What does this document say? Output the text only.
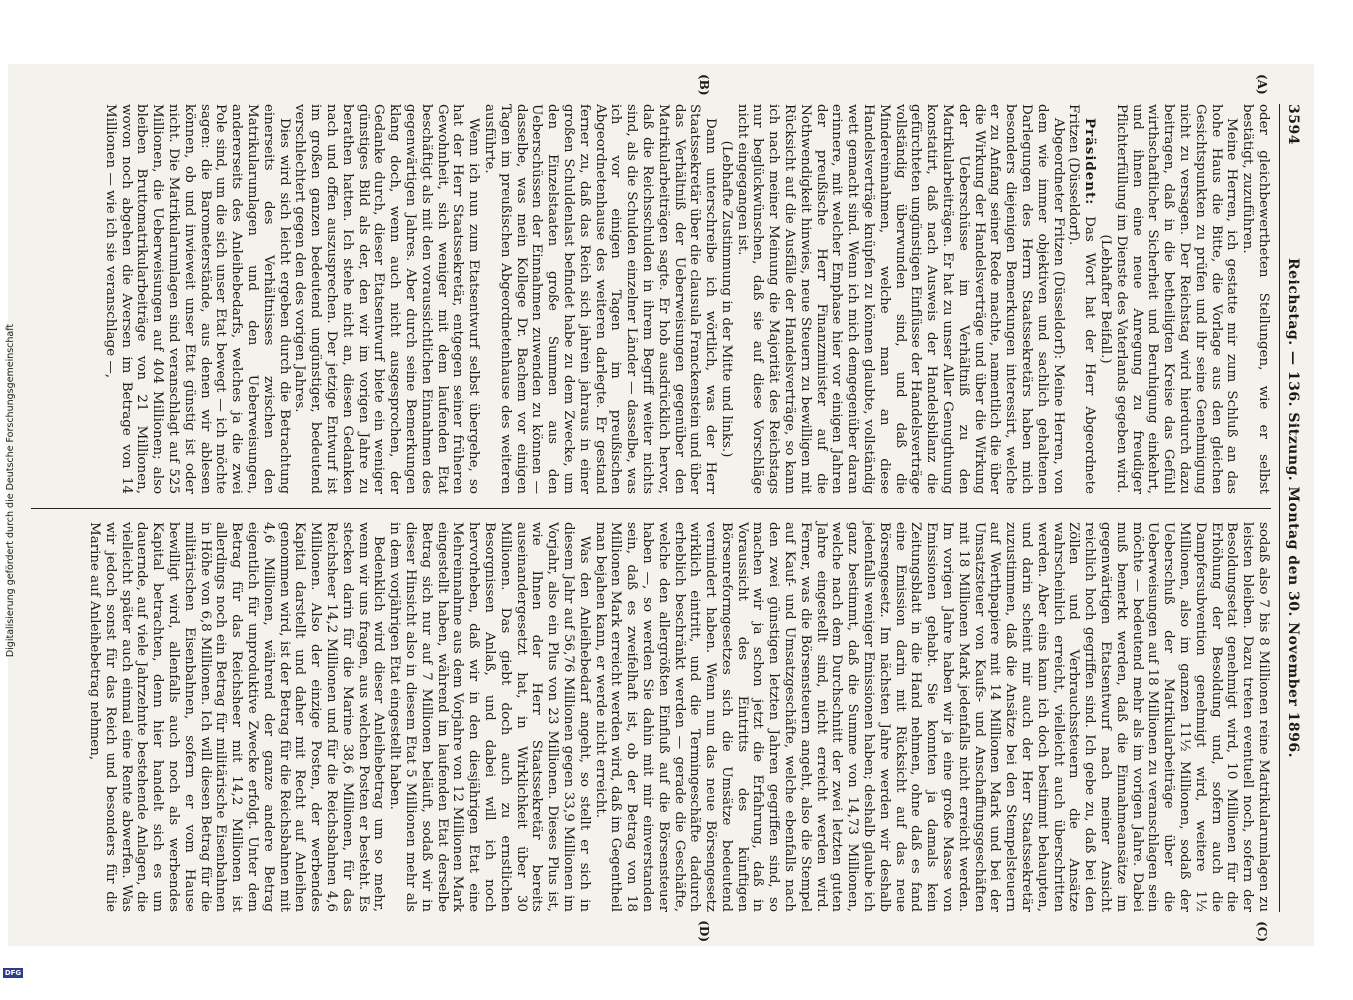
3594
Reichstag. — 136. Sitzung. Montag den 30. November 1896.
(A)
(B)
(C)
(D)

oder gleichbewertheten Stellungen, wie er selbst bestätigt, zuzuführen.

Meine Herren, ich gestatte mir zum Schluß an das hohe Haus die Bitte, die Vorlage aus den gleichen Gesichtspunkten zu prüfen und ihr seine Genehmigung nicht zu versagen. Der Reichstag wird hierdurch dazu beitragen, daß in die betheiligten Kreise das Gefühl wirthschaftlicher Sicherheit und Beruhigung einkehrt, und ihnen eine neue Anregung zu freudiger Pflichterfüllung im Dienste des Vaterlands gegeben wird.

(Lebhafter Beifall.)

Präsident: Das Wort hat der Herr Abgeordnete Fritzen (Düsseldorf).

Abgeordneter Fritzen (Düsseldorf): Meine Herren, von dem wie immer objektiven und sachlich gehaltenen Darlegungen des Herrn Staatssekretärs haben mich besonders diejenigen Bemerkungen interessirt, welche er zu Anfang seiner Rede machte, namentlich die über die Wirkung der Handelsverträge und über die Wirkung der Ueberschüsse im Verhältniß zu den Matrikularbeiträgen. Er hat zu unser Aller Genugthuung konstatirt, daß nach Ausweis der Handelsbilanz die gefürchteten ungünstigen Einflüsse der Handelsverträge vollständig überwunden sind, und daß die Mindereinnahmen, welche man an diese Handelsverträge knüpfen zu können glaubte, vollständig wett gemacht sind. Wenn ich mich demgegenüber daran erinnere, mit welcher Emphase hier vor einigen Jahren der preußische Herr Finanzminister auf die Nothwendigkeit hinwies, neue Steuern zu bewilligen mit Rücksicht auf die Ausfälle der Handelsverträge, so kann ich nach meiner Meinung die Majorität des Reichstags nur beglückwünschen, daß sie auf diese Vorschläge nicht eingegangen ist.

(Lebhafte Zustimmung in der Mitte und links.)

Dann unterschreibe ich wörtlich, was der Herr Staatssekretär über die clausula Franckenstein und über das Verhältniß der Ueberweisungen gegenüber den Matrikularbeiträgen sagte. Er hob ausdrücklich hervor, daß die Reichsschulden in ihrem Begriff weiter nichts sind, als die Schulden einzelner Länder — dasselbe, was ich vor einigen Tagen im preußischen Abgeordnetenhause des weiteren darlegte. Er gestand ferner zu, daß das Reich sich jahrein jahraus in einer großen Schuldenlast befindet habe zu dem Zwecke, um den Einzelstaaten große Summen aus den Ueberschüssen der Einnahmen zuwenden zu können — dasselbe, was mein Kollege Dr. Bachem vor einigen Tagen im preußischen Abgeordnetenhause des weiteren ausführte.

Wenn ich nun zum Etatsentwurf selbst übergehe, so hat der Herr Staatssekretär, entgegen seiner früheren Gewohnheit, sich weniger mit dem laufenden Etat beschäftigt als mit den voraussichtlichen Einnahmen des gegenwärtigen Jahres. Aber durch seine Bemerkungen klang doch, wenn auch nicht ausgesprochen, der Gedanke durch, dieser Etatsentwurf biete ein weniger günstiges Bild als der, den wir im vorigen Jahre zu berathen hatten. Ich stehe nicht an, diesen Gedanken nach und offen auszusprechen. Der jetzige Entwurf ist im großen ganzen bedeutend ungünstiger, bedeutend verschlechtert gegen den des vorigen Jahres.

Dies wird sich leicht ergeben durch die Betrachtung einerseits des Verhältnisses zwischen den Matrikularumlagen und den Ueberweisungen, andererseits des Anleihebedarfs, welches ja die zwei Pole sind, um die sich unser Etat bewegt — ich möchte sagen: die Barometerstände, aus denen wir ablesen können, ob und inwieweit unser Etat günstig ist oder nicht. Die Matrikularumlagen sind veranschlagt auf 525 Millionen, die Ueberweisungen auf 404 Millionen; also bleiben Bruttomatrikularbeiträge von 21 Millionen, wovon noch abgehen die Aversen im Betrage von 14 Millionen — wie ich sie veranschlage —,

sodaß also 7 bis 8 Millionen reine Matrikularumlagen zu leisten bleiben. Dazu treten eventuell noch, sofern der Besoldungsetat genehmigt wird, 10 Millionen für die Erhöhung der Besoldung und, sofern auch die Dampfersubvention genehmigt wird, weitere 1½ Millionen, also im ganzen 11½ Millionen, sodaß der Ueberschuß der Matrikularbeiträge über die Ueberweisungen auf 18 Millionen zu veranschlagen sein möchte — bedeutend mehr als im vorigen Jahre. Dabei muß bemerkt werden, daß die Einnahmeansätze im gegenwärtigen Etatsentwurf nach meiner Ansicht reichlich hoch gegriffen sind. Ich gebe zu, daß bei den Zöllen und Verbrauchssteuern die Ansätze wahrscheinlich erreicht, vielleicht auch überschritten werden. Aber eins kann ich doch bestimmt behaupten, und darin scheint mir auch der Herr Staatssekretär zuzustimmen, daß die Ansätze bei den Stempelsteuern auf Werthpapiere mit 14 Millionen Mark und bei der Umsatzsteuer von Kaufs- und Anschaffungsgeschäften mit 18 Millionen Mark jedenfalls nicht erreicht werden. Im vorigen Jahre haben wir ja eine große Masse von Emissionen gehabt. Sie konnten ja damals kein Zeitungsblatt in die Hand nehmen, ohne daß es fand eine Emission darin mit Rücksicht auf das neue Börsengesetz. Im nächsten Jahre werden wir deshalb jedenfalls weniger Emissionen haben; deshalb glaube ich ganz bestimmt, daß die Summe von 14,73 Millionen, welche nach dem Durchschnitt der zwei letzten guten Jahre eingestellt sind, nicht erreicht werden wird. Ferner, was die Börsensteuern angeht, also die Stempel auf Kauf- und Umsatzgeschäfte, welche ebenfalls nach den zwei günstigen letzten Jahren gegriffen sind, so machen wir ja schon jetzt die Erfahrung, daß in Voraussicht des Eintritts des künftigen Börsenreformgesetzes sich die Umsätze bedeutend vermindert haben. Wenn nun das neue Börsengesetz wirklich eintritt, und die Termingeschäfte dadurch erheblich beschränkt werden — gerade die Geschäfte, welche den allergrößten Einfluß auf die Börsensteuer haben —, so werden Sie dahin mit mir einverstanden sein, daß es zweifelhaft ist, ob der Betrag von 18 Millionen Mark erreicht werden wird, daß im Gegentheil man bejahen kann, er werde nicht erreicht.

Was den Anleihebedarf angeht, so stellt er sich in diesem Jahr auf 56,76 Millionen gegen 33,9 Millionen im Vorjahr, also ein Plus von 23 Millionen. Dieses Plus ist, wie Ihnen der Herr Staatssekretär bereits auseinandergesetzt hat, in Wirklichkeit über 30 Millionen. Das giebt doch auch zu ernstlichen Besorgnissen Anlaß, und dabei will ich noch hervorheben, daß wir in den diesjährigen Etat eine Mehreinnahme aus dem Vorjahre von 12 Millionen Mark eingestellt haben, während im laufenden Etat derselbe Betrag sich nur auf 7 Millionen beläuft, sodaß wir in dieser Hinsicht also in diesem Etat 5 Millionen mehr als in dem vorjährigen Etat eingestellt haben.

Bedenklich wird dieser Anleihebetrag um so mehr, wenn wir uns fragen, aus welchen Posten er besteht. Es stecken darin für die Marine 38,6 Millionen, für das Reichsheer 14,2 Millionen und für die Reichsbahnen 4,6 Millionen. Also der einzige Posten, der werbendes Kapital darstellt und daher mit Recht auf Anleihen genommen wird, ist der Betrag für die Reichsbahnen mit 4,6 Millionen, während der ganze andere Betrag eigentlich für unproduktive Zwecke erfolgt. Unter dem Betrag für das Reichsheer mit 14,2 Millionen ist allerdings noch ein Betrag für militärische Eisenbahnen in Höhe von 6,8 Millionen. Ich will diesen Betrag für die militärischen Eisenbahnen, sofern er vom Hause bewilligt wird, allenfalls auch noch als werbendes Kapital betrachten, denn hier handelt sich es um dauernde, auf viele Jahrzehnte bestehende Anlagen, die vielleicht später auch einmal eine Rente abwerfen. Was wir jedoch sonst für das Reich und besonders für die Marine auf Anleihebetrag nehmen,

Digitalisierung gefördert durch die Deutsche Forschungsgemeinschaft
DFG
